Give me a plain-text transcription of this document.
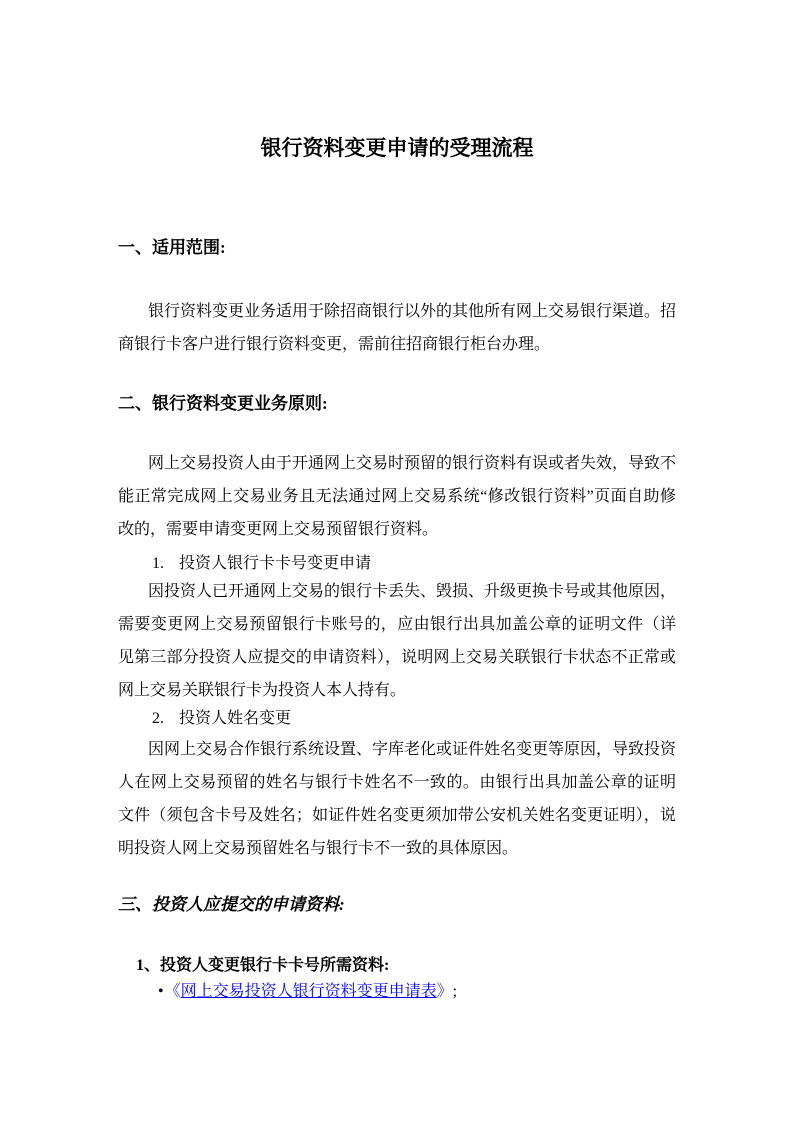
银行资料变更申请的受理流程
一、适用范围:
银行资料变更业务适用于除招商银行以外的其他所有网上交易银行渠道。招商银行卡客户进行银行资料变更，需前往招商银行柜台办理。
二、银行资料变更业务原则:
网上交易投资人由于开通网上交易时预留的银行资料有误或者失效，导致不能正常完成网上交易业务且无法通过网上交易系统“修改银行资料”页面自助修改的，需要申请变更网上交易预留银行资料。
1. 投资人银行卡卡号变更申请
因投资人已开通网上交易的银行卡丢失、毁损、升级更换卡号或其他原因，需要变更网上交易预留银行卡账号的，应由银行出具加盖公章的证明文件（详见第三部分投资人应提交的申请资料），说明网上交易关联银行卡状态不正常或网上交易关联银行卡为投资人本人持有。
2. 投资人姓名变更
因网上交易合作银行系统设置、字库老化或证件姓名变更等原因，导致投资人在网上交易预留的姓名与银行卡姓名不一致的。由银行出具加盖公章的证明文件（须包含卡号及姓名；如证件姓名变更须加带公安机关姓名变更证明），说明投资人网上交易预留姓名与银行卡不一致的具体原因。
三、投资人应提交的申请资料:
1、投资人变更银行卡卡号所需资料:
•《网上交易投资人银行资料变更申请表》;
